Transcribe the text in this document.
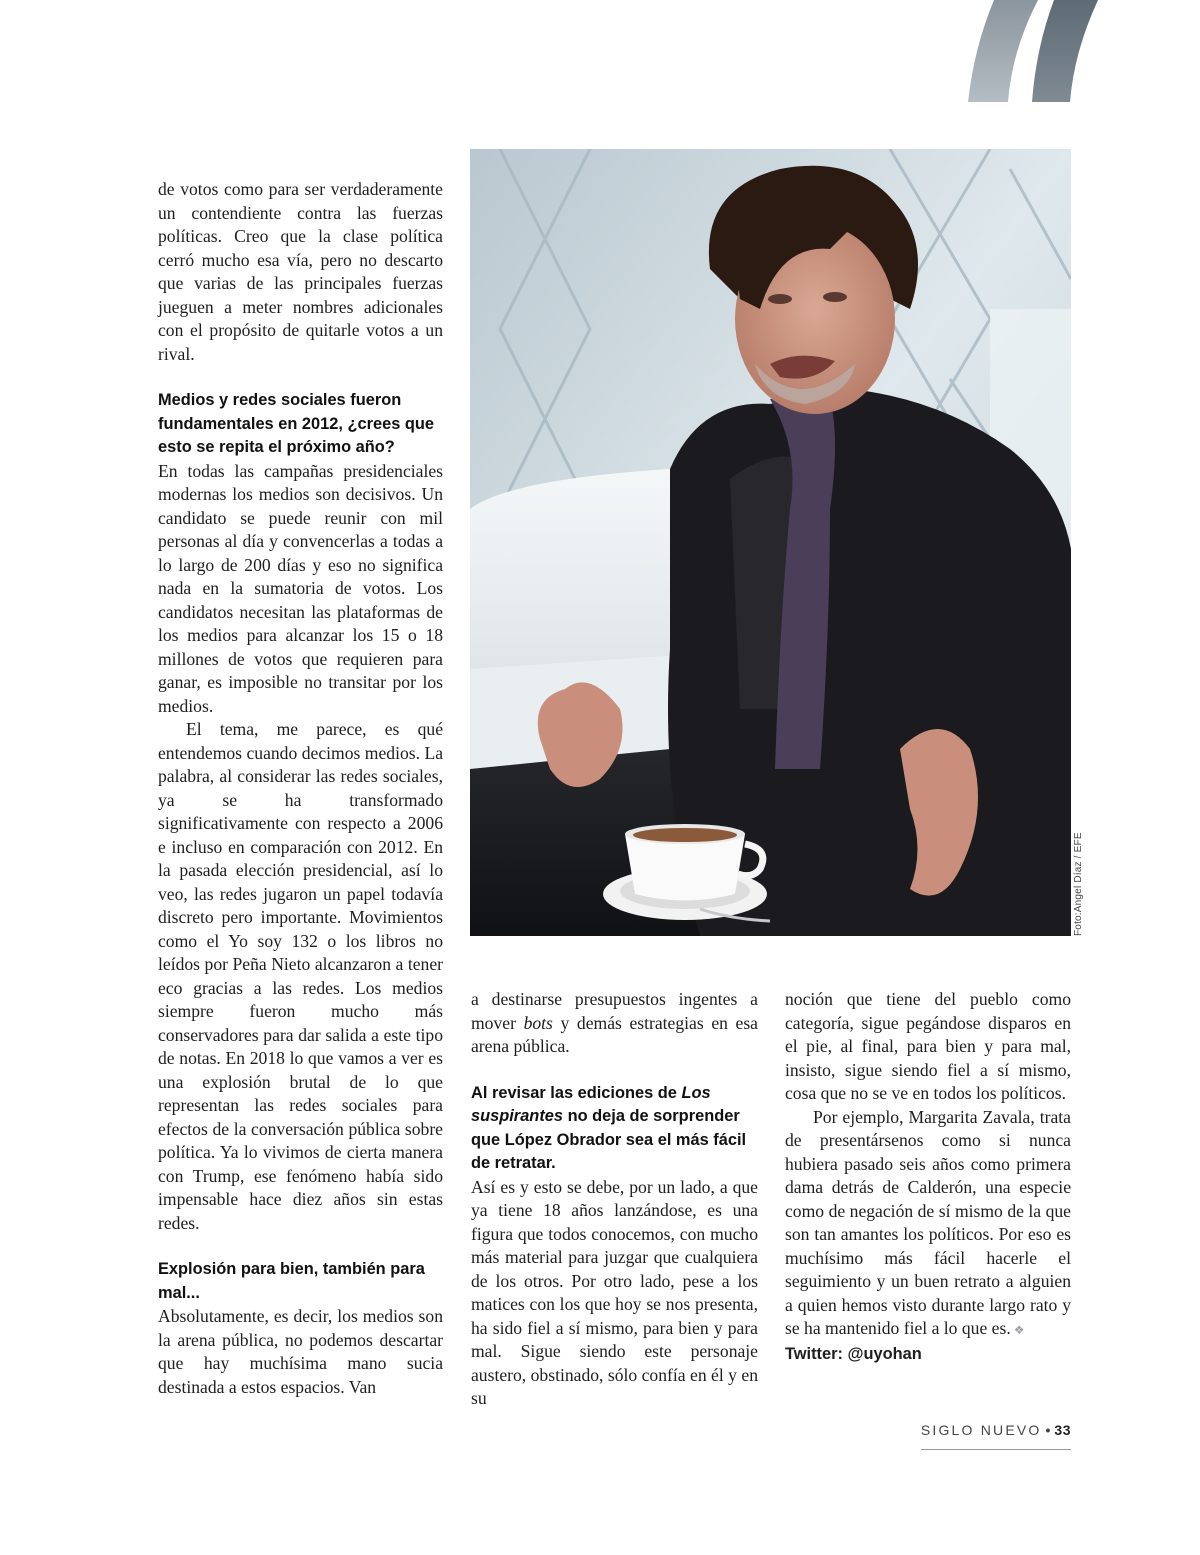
de votos como para ser verdaderamente un contendiente contra las fuerzas políticas. Creo que la clase política cerró mucho esa vía, pero no descarto que varias de las principales fuerzas jueguen a meter nombres adicionales con el propósito de quitarle votos a un rival.

Medios y redes sociales fueron fundamentales en 2012, ¿crees que esto se repita el próximo año?

En todas las campañas presidenciales modernas los medios son decisivos. Un candidato se puede reunir con mil personas al día y convencerlas a todas a lo largo de 200 días y eso no significa nada en la sumatoria de votos. Los candidatos necesitan las plataformas de los medios para alcanzar los 15 o 18 millones de votos que requieren para ganar, es imposible no transitar por los medios.

El tema, me parece, es qué entendemos cuando decimos medios. La palabra, al considerar las redes sociales, ya se ha transformado significativamente con respecto a 2006 e incluso en comparación con 2012. En la pasada elección presidencial, así lo veo, las redes jugaron un papel todavía discreto pero importante. Movimientos como el Yo soy 132 o los libros no leídos por Peña Nieto alcanzaron a tener eco gracias a las redes. Los medios siempre fueron mucho más conservadores para dar salida a este tipo de notas. En 2018 lo que vamos a ver es una explosión brutal de lo que representan las redes sociales para efectos de la conversación pública sobre política. Ya lo vivimos de cierta manera con Trump, ese fenómeno había sido impensable hace diez años sin estas redes.

Explosión para bien, también para mal...

Absolutamente, es decir, los medios son la arena pública, no podemos descartar que hay muchísima mano sucia destinada a estos espacios. Van

Foto:Angel Díaz / EFE

a destinarse presupuestos ingentes a mover bots y demás estrategias en esa arena pública.

Al revisar las ediciones de Los suspirantes no deja de sorprender que López Obrador sea el más fácil de retratar.

Así es y esto se debe, por un lado, a que ya tiene 18 años lanzándose, es una figura que todos conocemos, con mucho más material para juzgar que cualquiera de los otros. Por otro lado, pese a los matices con los que hoy se nos presenta, ha sido fiel a sí mismo, para bien y para mal. Sigue siendo este personaje austero, obstinado, sólo confía en él y en su

noción que tiene del pueblo como categoría, sigue pegándose disparos en el pie, al final, para bien y para mal, insisto, sigue siendo fiel a sí mismo, cosa que no se ve en todos los políticos.

Por ejemplo, Margarita Zavala, trata de presentársenos como si nunca hubiera pasado seis años como primera dama detrás de Calderón, una especie como de negación de sí mismo de la que son tan amantes los políticos. Por eso es muchísimo más fácil hacerle el seguimiento y un buen retrato a alguien a quien hemos visto durante largo rato y se ha mantenido fiel a lo que es. ❖

Twitter: @uyohan
SIGLO NUEVO • 33
